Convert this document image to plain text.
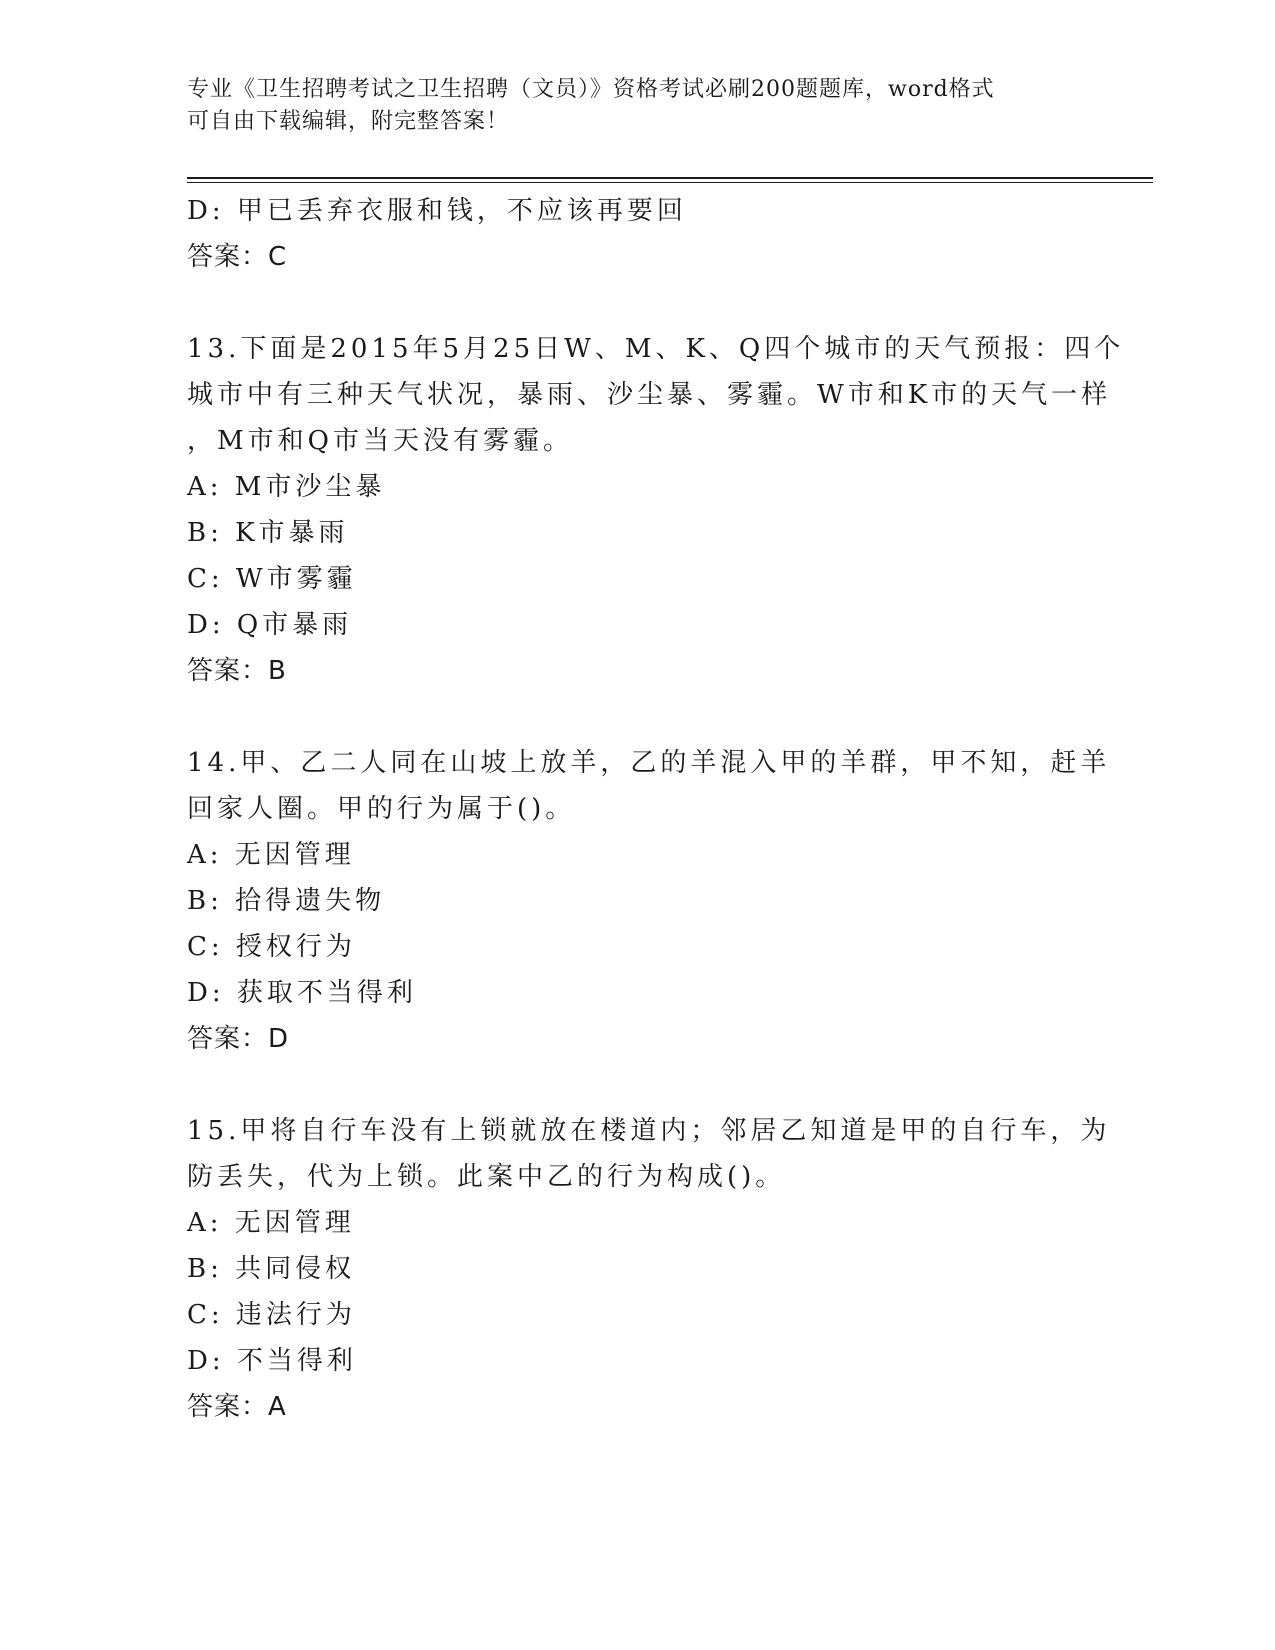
专业《卫生招聘考试之卫生招聘（文员）》资格考试必刷200题题库，word格式
可自由下载编辑，附完整答案！
D: 甲已丢弃衣服和钱，不应该再要回
答案：C
13.下面是2015年5月25日W、M、K、Q四个城市的天气预报：四个
城市中有三种天气状况，暴雨、沙尘暴、雾霾。W市和K市的天气一样
，M市和Q市当天没有雾霾。
A: M市沙尘暴
B: K市暴雨
C: W市雾霾
D: Q市暴雨
答案：B
14.甲、乙二人同在山坡上放羊，乙的羊混入甲的羊群，甲不知，赶羊
回家人圈。甲的行为属于()。
A: 无因管理
B: 拾得遗失物
C: 授权行为
D: 获取不当得利
答案：D
15.甲将自行车没有上锁就放在楼道内；邻居乙知道是甲的自行车，为
防丢失，代为上锁。此案中乙的行为构成()。
A: 无因管理
B: 共同侵权
C: 违法行为
D: 不当得利
答案：A
